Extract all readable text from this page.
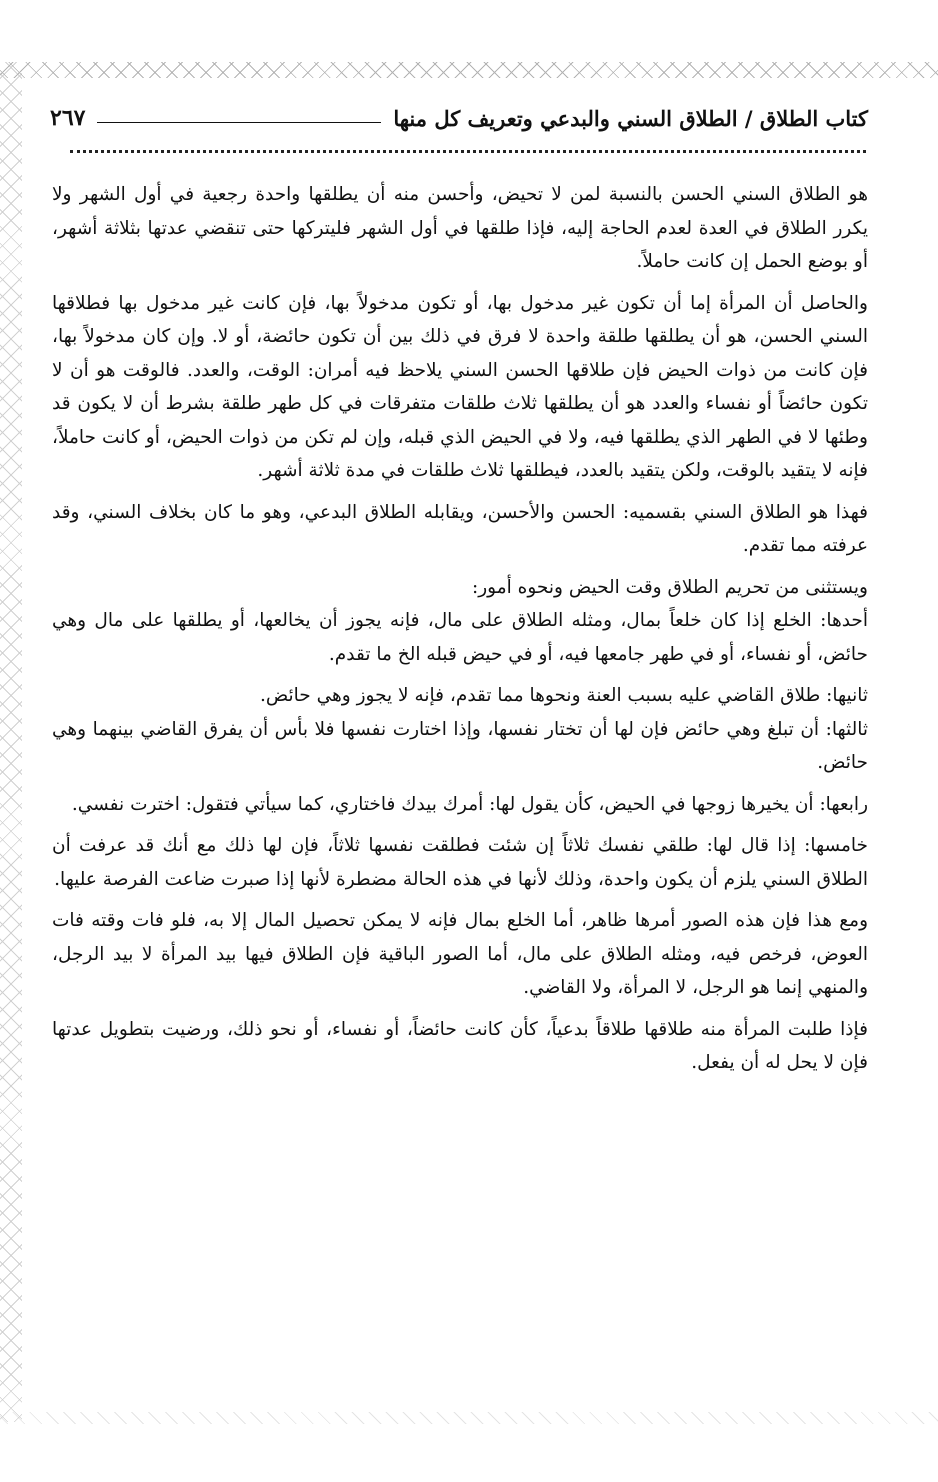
كتاب الطلاق / الطلاق السني والبدعي وتعريف كل منها
٢٦٧

هو الطلاق السني الحسن بالنسبة لمن لا تحيض، وأحسن منه أن يطلقها واحدة رجعية في أول الشهر ولا يكرر الطلاق في العدة لعدم الحاجة إليه، فإذا طلقها في أول الشهر فليتركها حتى تنقضي عدتها بثلاثة أشهر، أو بوضع الحمل إن كانت حاملاً.

والحاصل أن المرأة إما أن تكون غير مدخول بها، أو تكون مدخولاً بها، فإن كانت غير مدخول بها فطلاقها السني الحسن، هو أن يطلقها طلقة واحدة لا فرق في ذلك بين أن تكون حائضة، أو لا. وإن كان مدخولاً بها، فإن كانت من ذوات الحيض فإن طلاقها الحسن السني يلاحظ فيه أمران: الوقت، والعدد. فالوقت هو أن لا تكون حائضاً أو نفساء والعدد هو أن يطلقها ثلاث طلقات متفرقات في كل طهر طلقة بشرط أن لا يكون قد وطئها لا في الطهر الذي يطلقها فيه، ولا في الحيض الذي قبله، وإن لم تكن من ذوات الحيض، أو كانت حاملاً، فإنه لا يتقيد بالوقت، ولكن يتقيد بالعدد، فيطلقها ثلاث طلقات في مدة ثلاثة أشهر.

فهذا هو الطلاق السني بقسميه: الحسن والأحسن، ويقابله الطلاق البدعي، وهو ما كان بخلاف السني، وقد عرفته مما تقدم.

ويستثنى من تحريم الطلاق وقت الحيض ونحوه أمور:

أحدها: الخلع إذا كان خلعاً بمال، ومثله الطلاق على مال، فإنه يجوز أن يخالعها، أو يطلقها على مال وهي حائض، أو نفساء، أو في طهر جامعها فيه، أو في حيض قبله الخ ما تقدم.

ثانيها: طلاق القاضي عليه بسبب العنة ونحوها مما تقدم، فإنه لا يجوز وهي حائض.

ثالثها: أن تبلغ وهي حائض فإن لها أن تختار نفسها، وإذا اختارت نفسها فلا بأس أن يفرق القاضي بينهما وهي حائض.

رابعها: أن يخيرها زوجها في الحيض، كأن يقول لها: أمرك بيدك فاختاري، كما سيأتي فتقول: اخترت نفسي.

خامسها: إذا قال لها: طلقي نفسك ثلاثاً إن شئت فطلقت نفسها ثلاثاً، فإن لها ذلك مع أنك قد عرفت أن الطلاق السني يلزم أن يكون واحدة، وذلك لأنها في هذه الحالة مضطرة لأنها إذا صبرت ضاعت الفرصة عليها.

ومع هذا فإن هذه الصور أمرها ظاهر، أما الخلع بمال فإنه لا يمكن تحصيل المال إلا به، فلو فات وقته فات العوض، فرخص فيه، ومثله الطلاق على مال، أما الصور الباقية فإن الطلاق فيها بيد المرأة لا بيد الرجل، والمنهي إنما هو الرجل، لا المرأة، ولا القاضي.

فإذا طلبت المرأة منه طلاقها طلاقاً بدعياً، كأن كانت حائضاً، أو نفساء، أو نحو ذلك، ورضيت بتطويل عدتها فإن لا يحل له أن يفعل.
